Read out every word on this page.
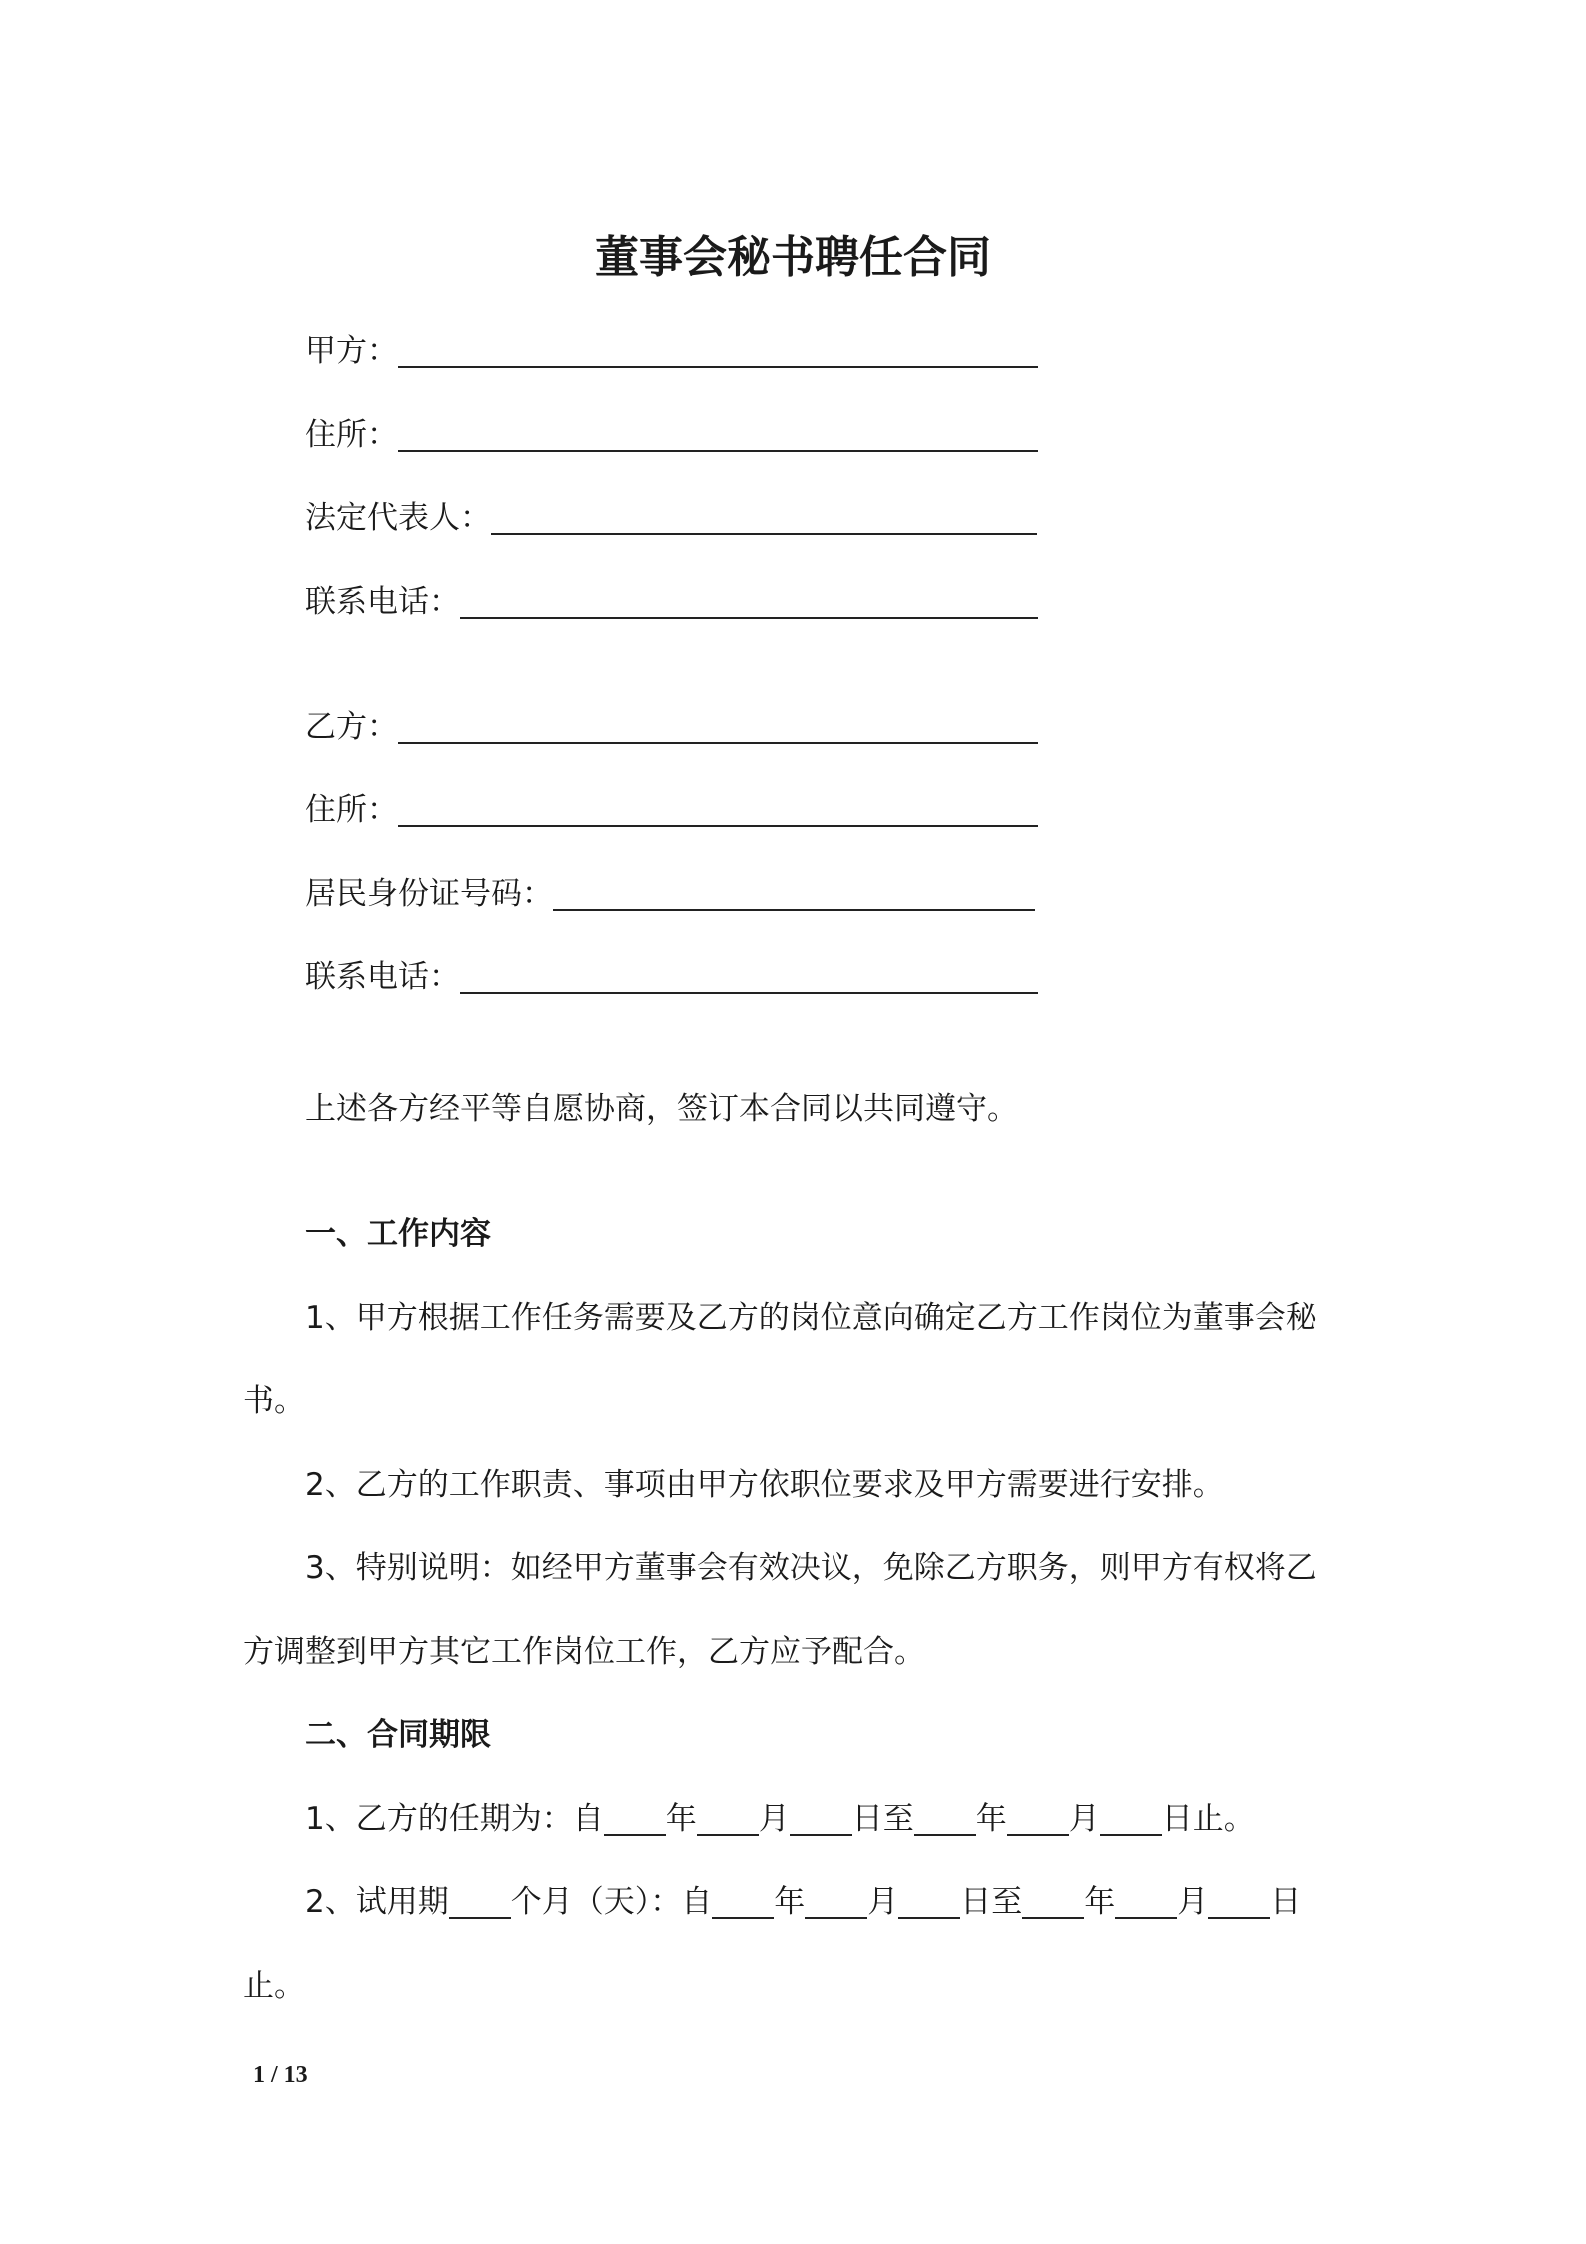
董事会秘书聘任合同
甲方：
住所：
法定代表人：
联系电话：
乙方：
住所：
居民身份证号码：
联系电话：
上述各方经平等自愿协商，签订本合同以共同遵守。
一、工作内容
1、甲方根据工作任务需要及乙方的岗位意向确定乙方工作岗位为董事会秘
书。
2、乙方的工作职责、事项由甲方依职位要求及甲方需要进行安排。
3、特别说明：如经甲方董事会有效决议，免除乙方职务，则甲方有权将乙
方调整到甲方其它工作岗位工作，乙方应予配合。
二、合同期限
1、乙方的任期为：自 年 月 日至 年 月 日止。
2、试用期 个月（天）：自 年 月 日至 年 月 日
止。
1 / 13
